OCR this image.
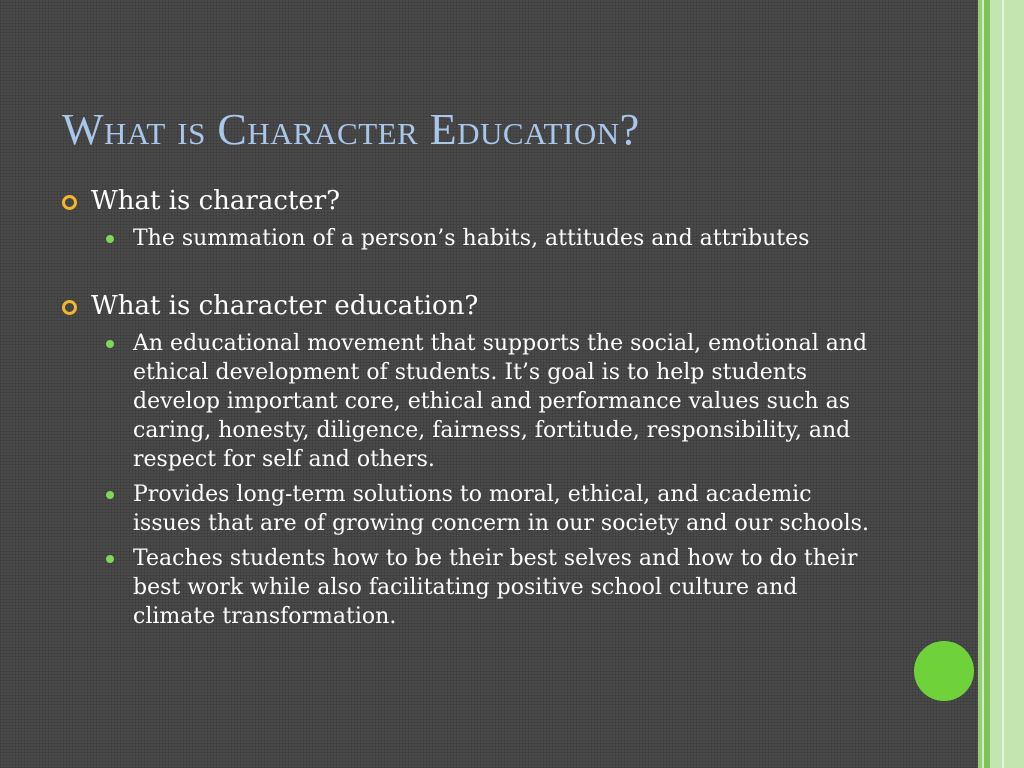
What is Character Education?
What is character?
The summation of a person’s habits, attitudes and attributes
What is character education?
An educational movement that supports the social, emotional and ethical development of students. It’s goal is to help students develop important core, ethical and performance values such as caring, honesty, diligence, fairness, fortitude, responsibility, and respect for self and others.
Provides long-term solutions to moral, ethical, and academic issues that are of growing concern in our society and our schools.
Teaches students how to be their best selves and how to do their best work while also facilitating positive school culture and climate transformation.
